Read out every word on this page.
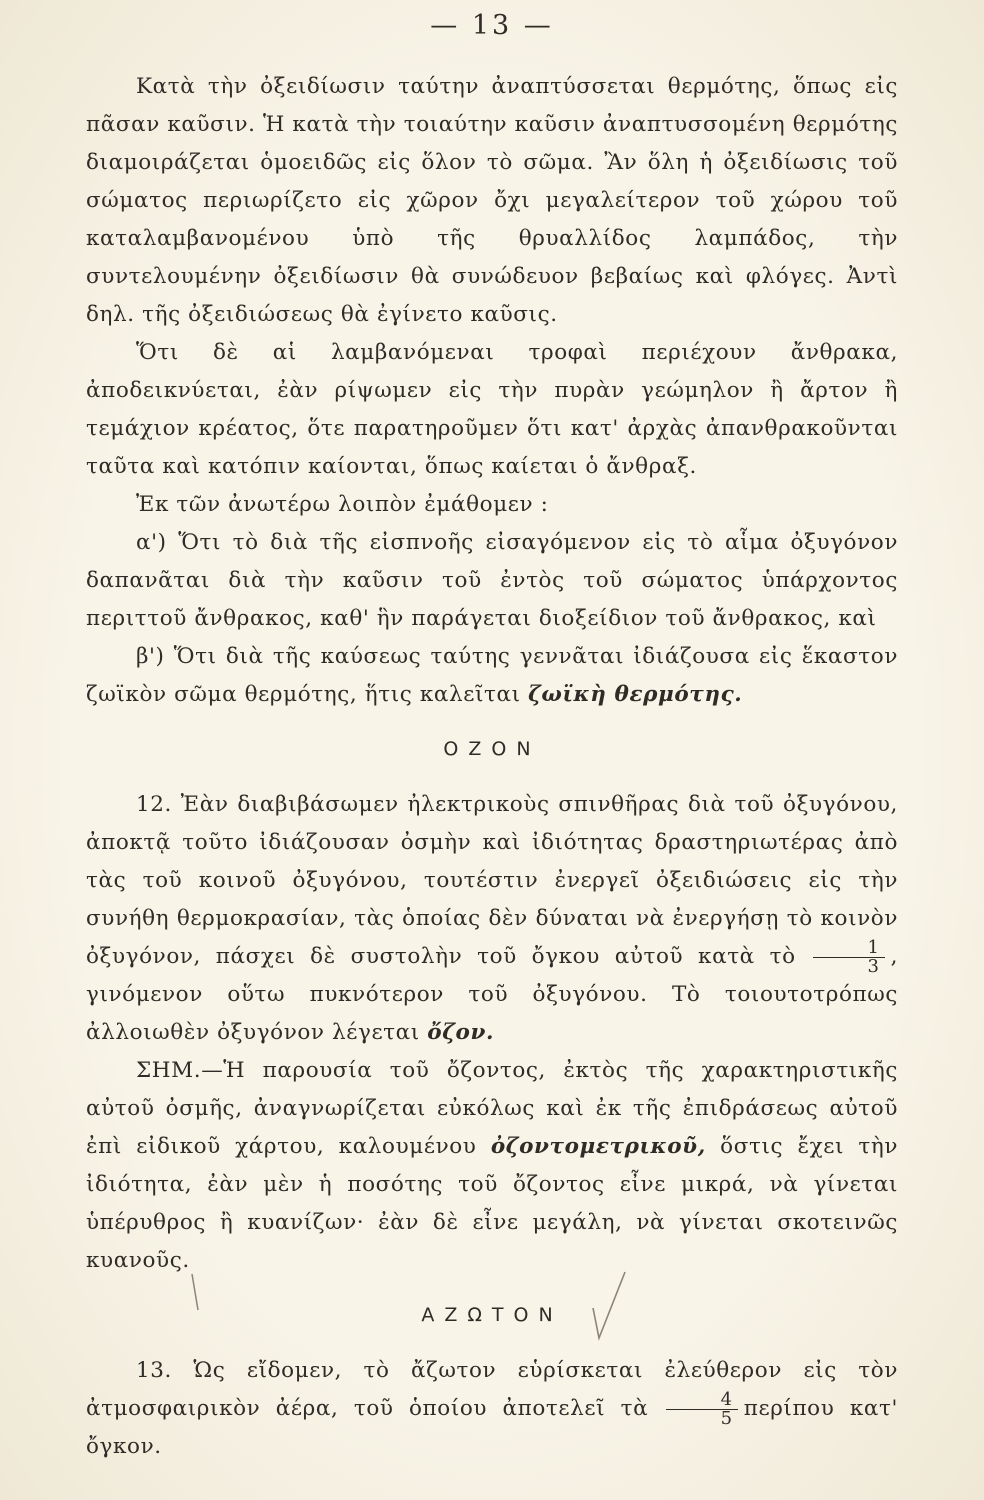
— 13 —

Κατὰ τὴν ὀξειδίωσιν ταύτην ἀναπτύσσεται θερμότης, ὅπως εἰς πᾶσαν καῦσιν. Ἡ κατὰ τὴν τοιαύτην καῦσιν ἀναπτυσσομένη θερμότης διαμοιράζεται ὁμοειδῶς εἰς ὅλον τὸ σῶμα. Ἂν ὅλη ἡ ὀξειδίωσις τοῦ σώματος περιωρίζετο εἰς χῶρον ὄχι μεγαλείτερον τοῦ χώρου τοῦ καταλαμβανομένου ὑπὸ τῆς θρυαλλίδος λαμπάδος, τὴν συντελουμένην ὀξειδίωσιν θὰ συνώδευον βεβαίως καὶ φλόγες. Ἀντὶ δηλ. τῆς ὀξειδιώσεως θὰ ἐγίνετο καῦσις.

Ὅτι δὲ αἱ λαμβανόμεναι τροφαὶ περιέχουν ἄνθρακα, ἀποδεικνύεται, ἐὰν ρίψωμεν εἰς τὴν πυρὰν γεώμηλον ἢ ἄρτον ἢ τεμάχιον κρέατος, ὅτε παρατηροῦμεν ὅτι κατ' ἀρχὰς ἀπανθρακοῦνται ταῦτα καὶ κατόπιν καίονται, ὅπως καίεται ὁ ἄνθραξ.

Ἐκ τῶν ἀνωτέρω λοιπὸν ἐμάθομεν :

α') Ὅτι τὸ διὰ τῆς εἰσπνοῆς εἰσαγόμενον εἰς τὸ αἷμα ὀξυγόνον δαπανᾶται διὰ τὴν καῦσιν τοῦ ἐντὸς τοῦ σώματος ὑπάρχοντος περιττοῦ ἄνθρακος, καθ' ἣν παράγεται διοξείδιον τοῦ ἄνθρακος, καὶ

β') Ὅτι διὰ τῆς καύσεως ταύτης γεννᾶται ἰδιάζουσα εἰς ἕκαστον ζωϊκὸν σῶμα θερμότης, ἥτις καλεῖται ζωϊκὴ θερμότης.

ΟΖΟΝ

12. Ἐὰν διαβιβάσωμεν ἠλεκτρικοὺς σπινθῆρας διὰ τοῦ ὀξυγόνου, ἀποκτᾷ τοῦτο ἰδιάζουσαν ὀσμὴν καὶ ἰδιότητας δραστηριωτέρας ἀπὸ τὰς τοῦ κοινοῦ ὀξυγόνου, τουτέστιν ἐνεργεῖ ὀξειδιώσεις εἰς τὴν συνήθη θερμοκρασίαν, τὰς ὁποίας δὲν δύναται νὰ ἐνεργήσῃ τὸ κοινὸν ὀξυγόνον, πάσχει δὲ συστολὴν τοῦ ὄγκου αὐτοῦ κατὰ τὸ $\frac{1}{3}$ , γινόμενον οὕτω πυκνότερον τοῦ ὀξυγόνου. Τὸ τοιουτοτρόπως ἀλλοιωθὲν ὀξυγόνον λέγεται ὄζον.

ΣΗΜ.—Ἡ παρουσία τοῦ ὄζοντος, ἐκτὸς τῆς χαρακτηριστικῆς αὐτοῦ ὀσμῆς, ἀναγνωρίζεται εὐκόλως καὶ ἐκ τῆς ἐπιδράσεως αὐτοῦ ἐπὶ εἰδικοῦ χάρτου, καλουμένου ὀζοντομετρικοῦ, ὅστις ἔχει τὴν ἰδιότητα, ἐὰν μὲν ἡ ποσότης τοῦ ὄζοντος εἶνε μικρά, νὰ γίνεται ὑπέρυθρος ἢ κυανίζων· ἐὰν δὲ εἶνε μεγάλη, νὰ γίνεται σκοτεινῶς κυανοῦς.

ΑΖΩΤΟΝ

13. Ὡς εἴδομεν, τὸ ἄζωτον εὑρίσκεται ἐλεύθερον εἰς τὸν ἀτμοσφαιρικὸν ἀέρα, τοῦ ὁποίου ἀποτελεῖ τὰ $\frac{4}{5}$ περίπου κατ' ὄγκον.
